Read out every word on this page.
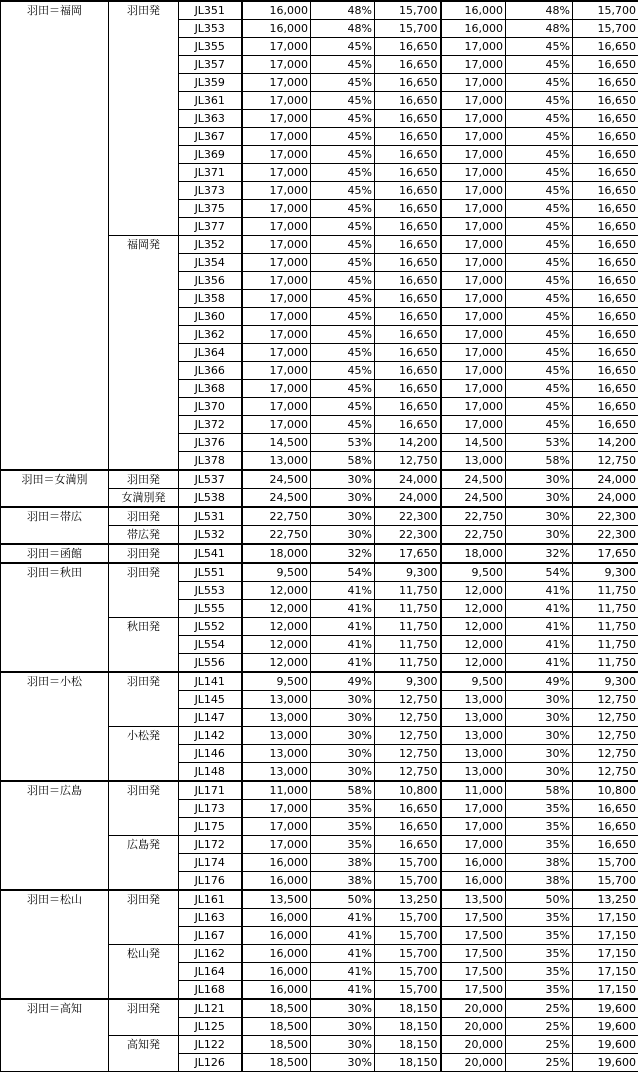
羽田＝福岡	羽田発	JL351	16,000	48%	15,700	16,000	48%	15,700
		JL353	16,000	48%	15,700	16,000	48%	15,700
		JL355	17,000	45%	16,650	17,000	45%	16,650
		JL357	17,000	45%	16,650	17,000	45%	16,650
		JL359	17,000	45%	16,650	17,000	45%	16,650
		JL361	17,000	45%	16,650	17,000	45%	16,650
		JL363	17,000	45%	16,650	17,000	45%	16,650
		JL367	17,000	45%	16,650	17,000	45%	16,650
		JL369	17,000	45%	16,650	17,000	45%	16,650
		JL371	17,000	45%	16,650	17,000	45%	16,650
		JL373	17,000	45%	16,650	17,000	45%	16,650
		JL375	17,000	45%	16,650	17,000	45%	16,650
		JL377	17,000	45%	16,650	17,000	45%	16,650
	福岡発	JL352	17,000	45%	16,650	17,000	45%	16,650
		JL354	17,000	45%	16,650	17,000	45%	16,650
		JL356	17,000	45%	16,650	17,000	45%	16,650
		JL358	17,000	45%	16,650	17,000	45%	16,650
		JL360	17,000	45%	16,650	17,000	45%	16,650
		JL362	17,000	45%	16,650	17,000	45%	16,650
		JL364	17,000	45%	16,650	17,000	45%	16,650
		JL366	17,000	45%	16,650	17,000	45%	16,650
		JL368	17,000	45%	16,650	17,000	45%	16,650
		JL370	17,000	45%	16,650	17,000	45%	16,650
		JL372	17,000	45%	16,650	17,000	45%	16,650
		JL376	14,500	53%	14,200	14,500	53%	14,200
		JL378	13,000	58%	12,750	13,000	58%	12,750
羽田＝女満別	羽田発	JL537	24,500	30%	24,000	24,500	30%	24,000
	女満別発	JL538	24,500	30%	24,000	24,500	30%	24,000
羽田＝帯広	羽田発	JL531	22,750	30%	22,300	22,750	30%	22,300
	帯広発	JL532	22,750	30%	22,300	22,750	30%	22,300
羽田＝函館	羽田発	JL541	18,000	32%	17,650	18,000	32%	17,650
羽田＝秋田	羽田発	JL551	9,500	54%	9,300	9,500	54%	9,300
		JL553	12,000	41%	11,750	12,000	41%	11,750
		JL555	12,000	41%	11,750	12,000	41%	11,750
	秋田発	JL552	12,000	41%	11,750	12,000	41%	11,750
		JL554	12,000	41%	11,750	12,000	41%	11,750
		JL556	12,000	41%	11,750	12,000	41%	11,750
羽田＝小松	羽田発	JL141	9,500	49%	9,300	9,500	49%	9,300
		JL145	13,000	30%	12,750	13,000	30%	12,750
		JL147	13,000	30%	12,750	13,000	30%	12,750
	小松発	JL142	13,000	30%	12,750	13,000	30%	12,750
		JL146	13,000	30%	12,750	13,000	30%	12,750
		JL148	13,000	30%	12,750	13,000	30%	12,750
羽田＝広島	羽田発	JL171	11,000	58%	10,800	11,000	58%	10,800
		JL173	17,000	35%	16,650	17,000	35%	16,650
		JL175	17,000	35%	16,650	17,000	35%	16,650
	広島発	JL172	17,000	35%	16,650	17,000	35%	16,650
		JL174	16,000	38%	15,700	16,000	38%	15,700
		JL176	16,000	38%	15,700	16,000	38%	15,700
羽田＝松山	羽田発	JL161	13,500	50%	13,250	13,500	50%	13,250
		JL163	16,000	41%	15,700	17,500	35%	17,150
		JL167	16,000	41%	15,700	17,500	35%	17,150
	松山発	JL162	16,000	41%	15,700	17,500	35%	17,150
		JL164	16,000	41%	15,700	17,500	35%	17,150
		JL168	16,000	41%	15,700	17,500	35%	17,150
羽田＝高知	羽田発	JL121	18,500	30%	18,150	20,000	25%	19,600
		JL125	18,500	30%	18,150	20,000	25%	19,600
	高知発	JL122	18,500	30%	18,150	20,000	25%	19,600
		JL126	18,500	30%	18,150	20,000	25%	19,600
